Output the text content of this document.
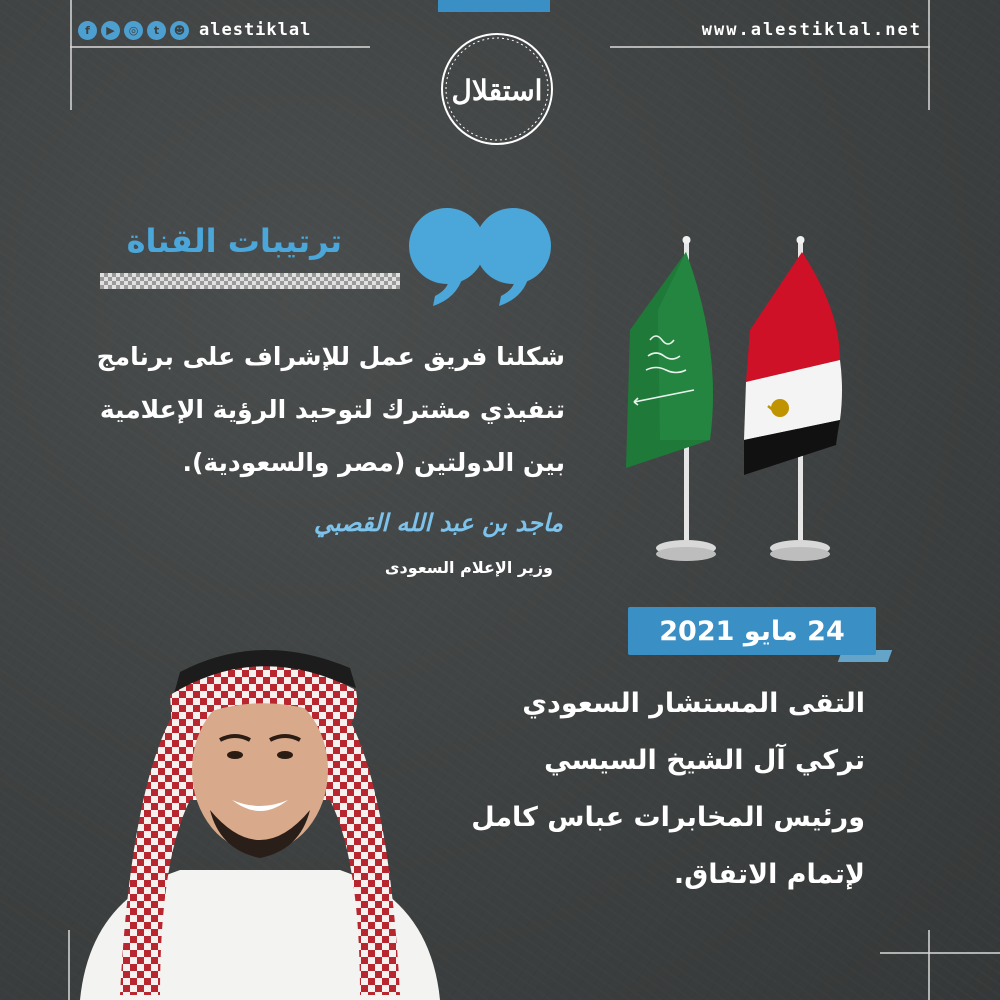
f	▶	◎	t	☻ alestiklal	www.alestiklal.net
استقلال
ترتيبات القناة
شكلنا فريق عمل للإشراف على برنامج
تنفيذي مشترك لتوحيد الرؤية الإعلامية
بين الدولتين (مصر والسعودية).
ماجد بن عبد الله القصبي
وزير الإعلام السعودى
24 مايو 2021
التقى المستشار السعودي
تركي آل الشيخ السيسي
ورئيس المخابرات عباس كامل
لإتمام الاتفاق.
